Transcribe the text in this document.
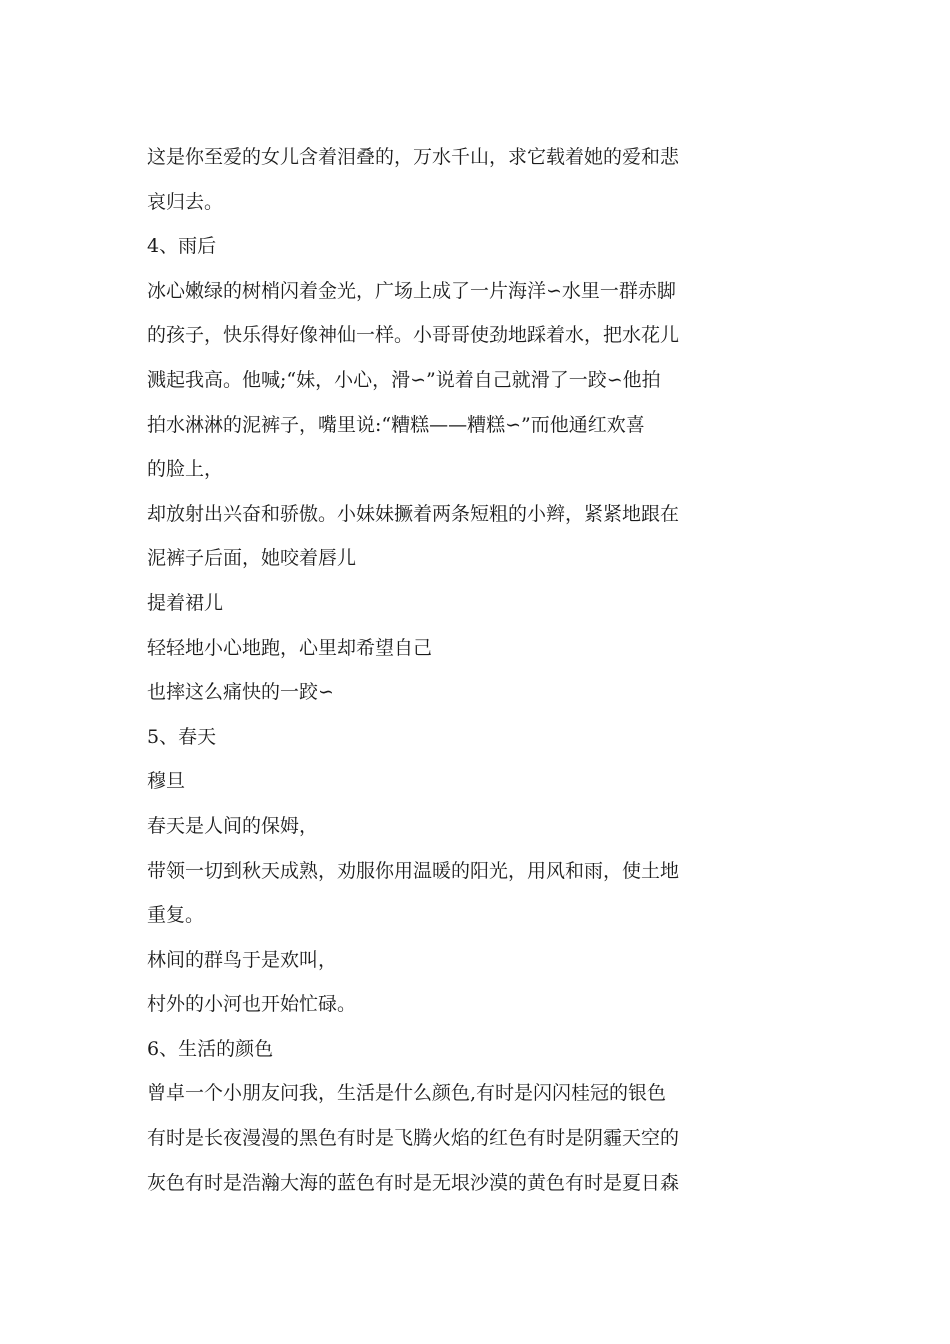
这是你至爱的女儿含着泪叠的，万水千山，求它载着她的爱和悲
哀归去。
4、雨后
冰心嫩绿的树梢闪着金光，广场上成了一片海洋∽水里一群赤脚
的孩子，快乐得好像神仙一样。小哥哥使劲地踩着水，把水花儿
溅起我高。他喊;“妹，小心，滑∽”说着自己就滑了一跤∽他拍
拍水淋淋的泥裤子，嘴里说:“糟糕——糟糕∽”而他通红欢喜
的脸上，
却放射出兴奋和骄傲。小妹妹撅着两条短粗的小辫，紧紧地跟在
泥裤子后面，她咬着唇儿
提着裙儿
轻轻地小心地跑，心里却希望自己
也摔这么痛快的一跤∽
5、春天
穆旦
春天是人间的保姆，
带领一切到秋天成熟，劝服你用温暖的阳光，用风和雨，使土地
重复。
林间的群鸟于是欢叫，
村外的小河也开始忙碌。
6、生活的颜色
曾卓一个小朋友问我，生活是什么颜色,有时是闪闪桂冠的银色
有时是长夜漫漫的黑色有时是飞腾火焰的红色有时是阴霾天空的
灰色有时是浩瀚大海的蓝色有时是无垠沙漠的黄色有时是夏日森
